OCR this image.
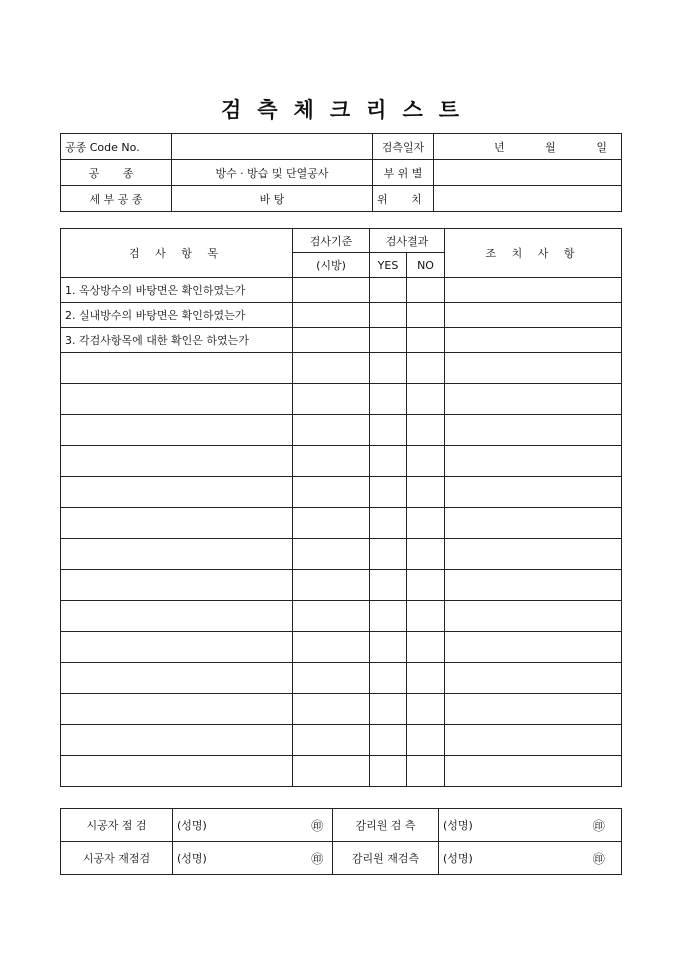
검 측 체 크 리 스 트
공종 Code No.		검측일자	년 월 일

공 종	방수 · 방습 및 단열공사	부 위 별	
세 부 공 종	바 탕	위 치	
검 사 항 목	검사기준	검사결과		조 치 사 항
	(시방)	YES	NO	
1. 옥상방수의 바탕면은 확인하였는가				
2. 실내방수의 바탕면은 확인하였는가				
3. 각검사항목에 대한 확인은 하였는가				

시공자 점 검	(성명)	㊞	감리원 검 측	(성명)	㊞
시공자 재점검	(성명)	㊞	감리원 재검측	(성명)	㊞
